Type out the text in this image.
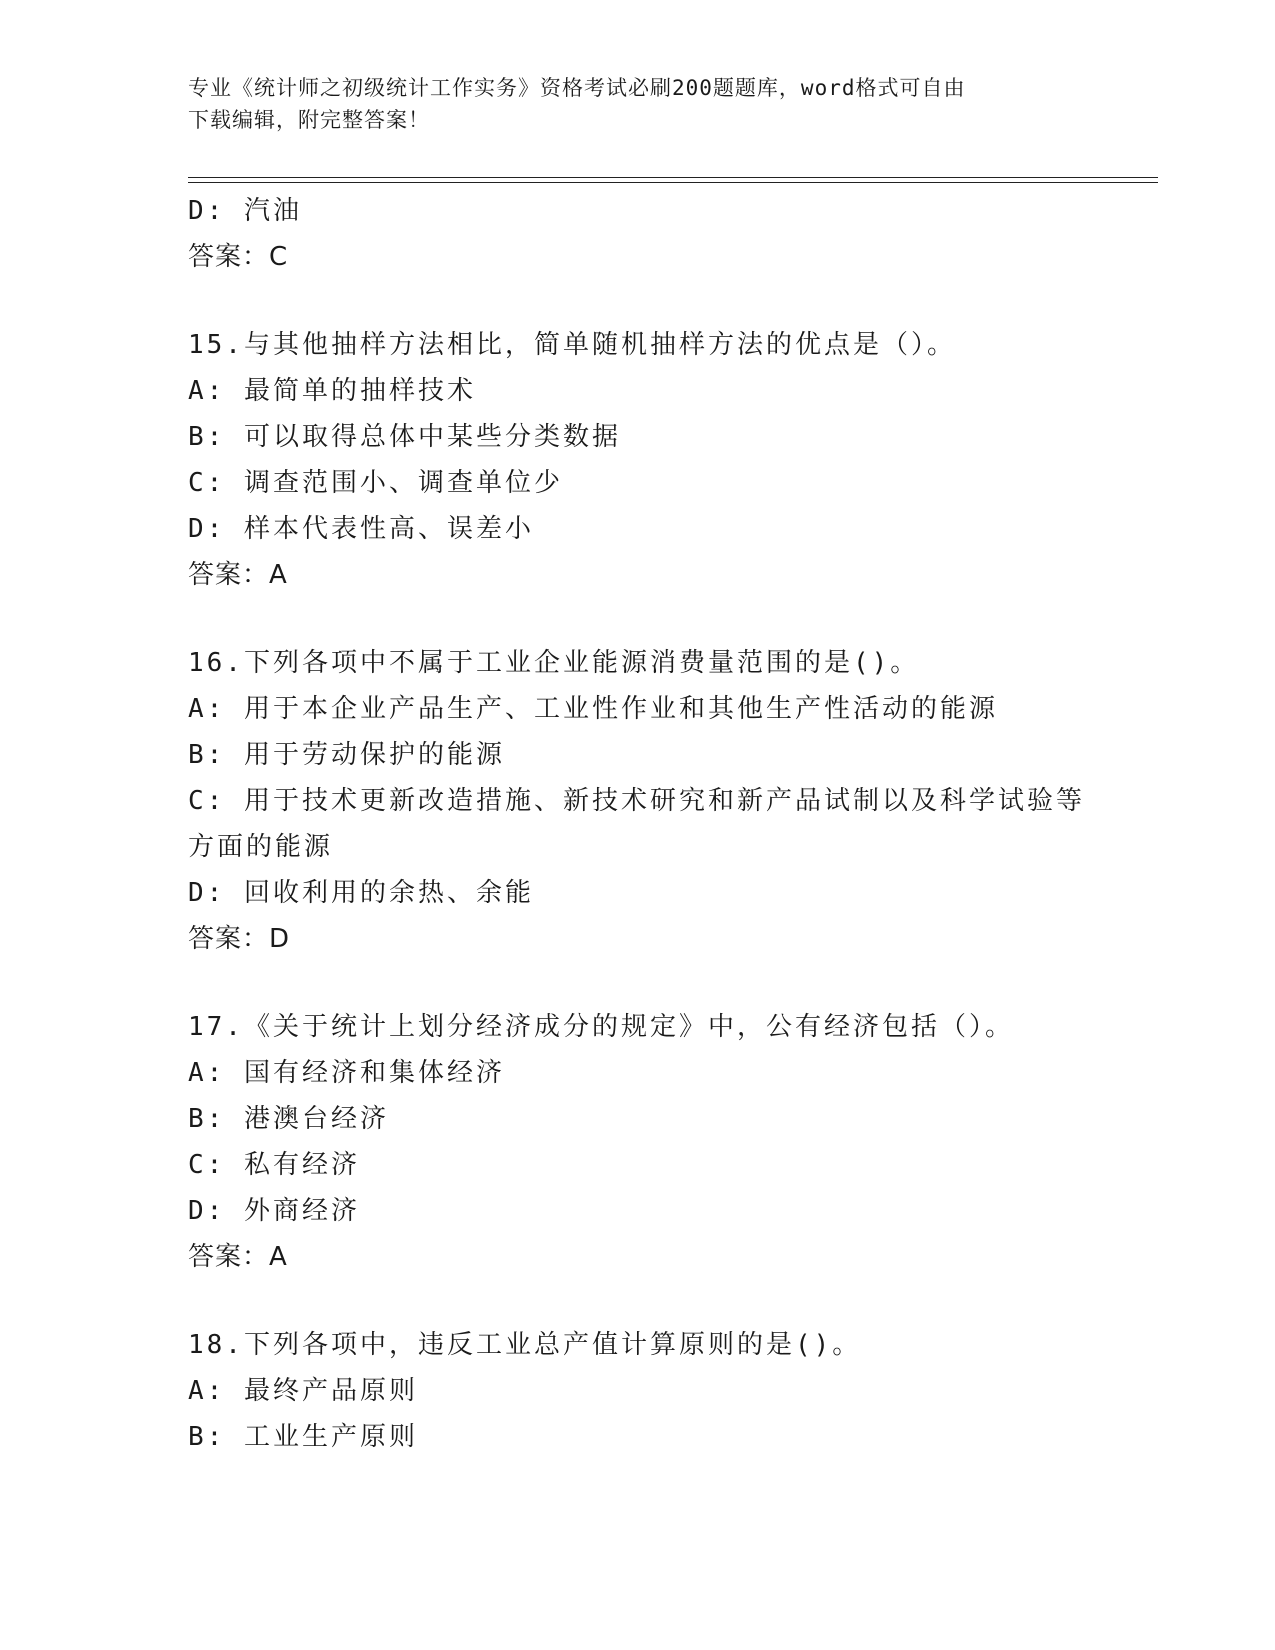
专业《统计师之初级统计工作实务》资格考试必刷200题题库，word格式可自由
下载编辑，附完整答案！
D: 汽油
答案：C
15.与其他抽样方法相比，简单随机抽样方法的优点是（）。
A: 最简单的抽样技术
B: 可以取得总体中某些分类数据
C: 调查范围小、调查单位少
D: 样本代表性高、误差小
答案：A
16.下列各项中不属于工业企业能源消费量范围的是()。
A: 用于本企业产品生产、工业性作业和其他生产性活动的能源
B: 用于劳动保护的能源
C: 用于技术更新改造措施、新技术研究和新产品试制以及科学试验等方面的能源
D: 回收利用的余热、余能
答案：D
17.《关于统计上划分经济成分的规定》中，公有经济包括（）。
A: 国有经济和集体经济
B: 港澳台经济
C: 私有经济
D: 外商经济
答案：A
18.下列各项中，违反工业总产值计算原则的是()。
A: 最终产品原则
B: 工业生产原则
